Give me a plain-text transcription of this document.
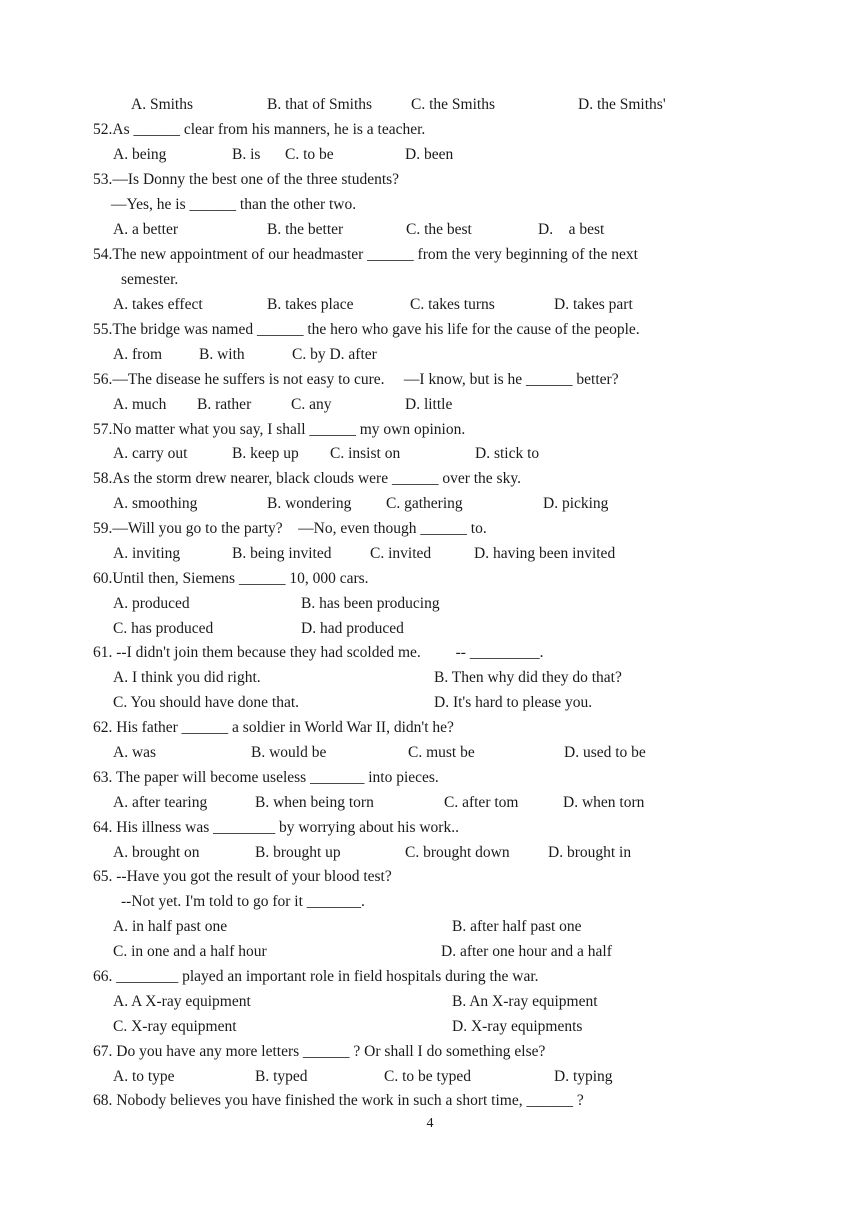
A. Smiths	B. that of Smiths	C. the Smiths	D. the Smiths'
52.As ______ clear from his manners, he is a teacher.
A. being	B. is C. to be	D. been
53.—Is Donny the best one of the three students?
—Yes, he is ______ than the other two.
A. a better	B. the better	C. the best	D.    a best
54.The new appointment of our headmaster ______ from the very beginning of the next
semester.
A. takes effect	B. takes place	C. takes turns	D. takes part
55.The bridge was named ______ the hero who gave his life for the cause of the people.
A. from B. with	C. by D. after
56.—The disease he suffers is not easy to cure.     —I know, but is he ______ better?
A. much B. rather	C. any	D. little
57.No matter what you say, I shall ______ my own opinion.
A. carry out	B. keep up C. insist on	D. stick to
58.As the storm drew nearer, black clouds were ______ over the sky.
A. smoothing	B. wondering C. gathering	D. picking
59.—Will you go to the party?    —No, even though ______ to.
A. inviting	B. being invited C. invited	D. having been invited
60.Until then, Siemens ______ 10, 000 cars.
A. produced	B. has been producing
C. has produced	D. had produced
61. --I didn't join them because they had scolded me.         -- _________.
A. I think you did right.	B. Then why did they do that?
C. You should have done that.	D. It's hard to please you.
62. His father ______ a soldier in World War II, didn't he?
A. was	B. would be	C. must be	D. used to be
63. The paper will become useless _______ into pieces.
A. after tearing	B. when being torn	C. after tom	D. when torn
64. His illness was ________ by worrying about his work..
A. brought on	B. brought up	C. brought down D. brought in
65. --Have you got the result of your blood test?
--Not yet. I'm told to go for it _______.
A. in half past one	B. after half past one
C. in one and a half hour	D. after one hour and a half
66. ________ played an important role in field hospitals during the war.
A. A X-ray equipment	B. An X-ray equipment
C. X-ray equipment	D. X-ray equipments
67. Do you have any more letters ______ ? Or shall I do something else?
A. to type	B. typed	C. to be typed	D. typing
68. Nobody believes you have finished the work in such a short time, ______ ?
4
